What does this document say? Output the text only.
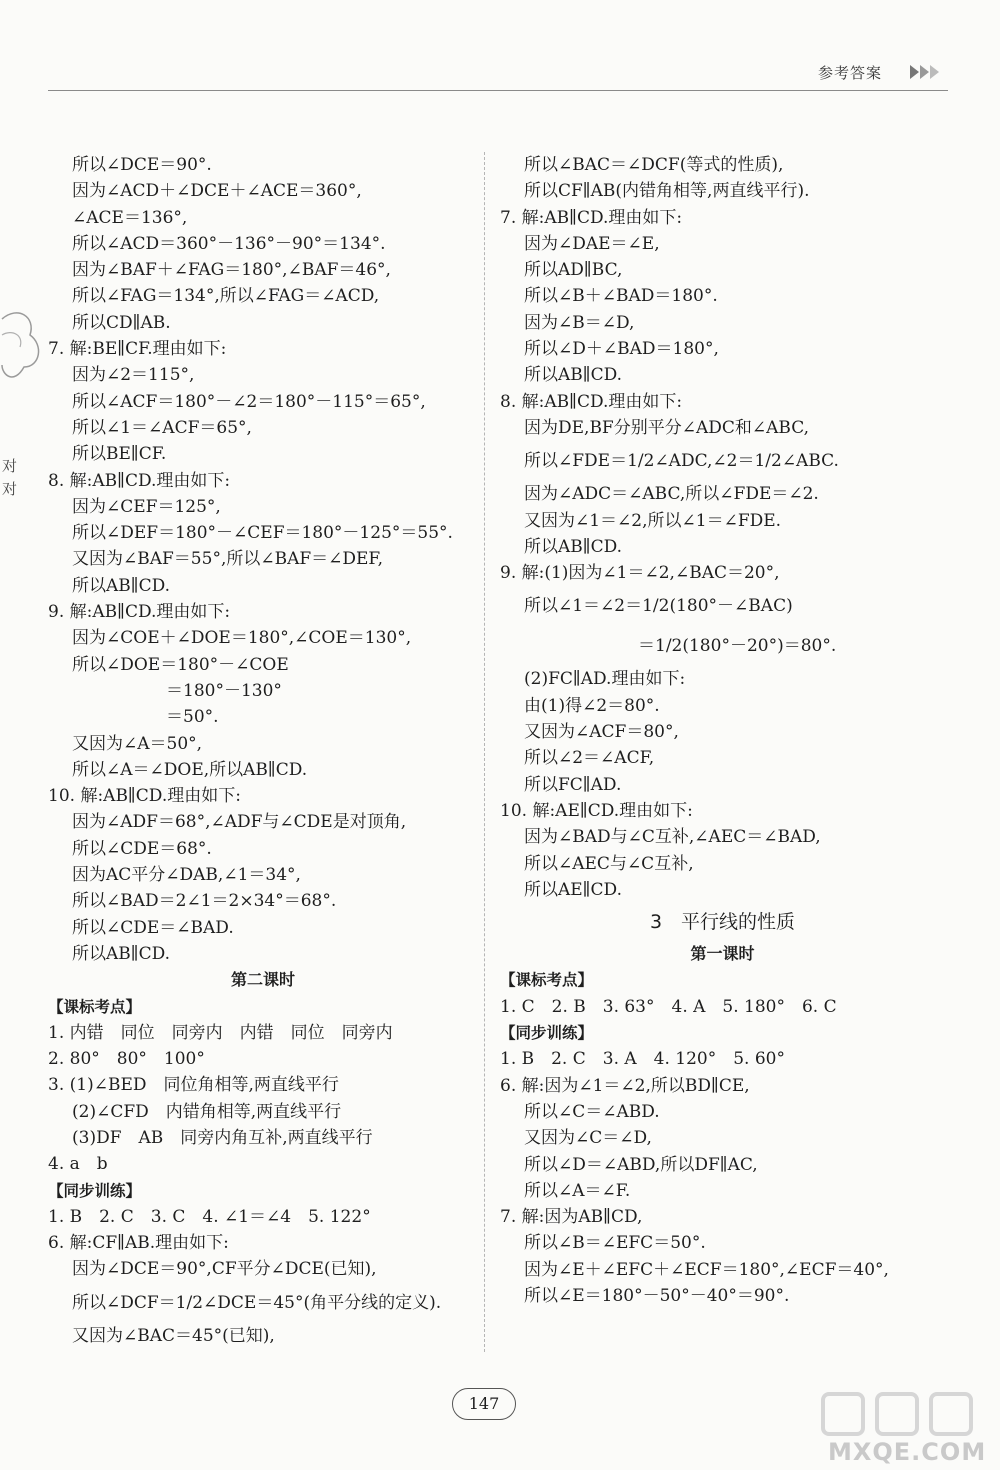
参考答案
对
对
所以∠DCE＝90°.
因为∠ACD＋∠DCE＋∠ACE＝360°,
∠ACE＝136°,
所以∠ACD＝360°－136°－90°＝134°.
因为∠BAF＋∠FAG＝180°,∠BAF＝46°,
所以∠FAG＝134°,所以∠FAG＝∠ACD,
所以CD∥AB.
7. 解:BE∥CF.理由如下:
因为∠2＝115°,
所以∠ACF＝180°－∠2＝180°－115°＝65°,
所以∠1＝∠ACF＝65°,
所以BE∥CF.
8. 解:AB∥CD.理由如下:
因为∠CEF＝125°,
所以∠DEF＝180°－∠CEF＝180°－125°＝55°.
又因为∠BAF＝55°,所以∠BAF＝∠DEF,
所以AB∥CD.
9. 解:AB∥CD.理由如下:
因为∠COE＋∠DOE＝180°,∠COE＝130°,
所以∠DOE＝180°－∠COE
＝180°－130°
＝50°.
又因为∠A＝50°,
所以∠A＝∠DOE,所以AB∥CD.
10. 解:AB∥CD.理由如下:
因为∠ADF＝68°,∠ADF与∠CDE是对顶角,
所以∠CDE＝68°.
因为AC平分∠DAB,∠1＝34°,
所以∠BAD＝2∠1＝2×34°＝68°.
所以∠CDE＝∠BAD.
所以AB∥CD.
第二课时
【课标考点】
1. 内错　同位　同旁内　内错　同位　同旁内
2. 80°　80°　100°
3. (1)∠BED　同位角相等,两直线平行
(2)∠CFD　内错角相等,两直线平行
(3)DF　AB　同旁内角互补,两直线平行
4. a　b
【同步训练】
1. B　2. C　3. C　4. ∠1＝∠4　5. 122°
6. 解:CF∥AB.理由如下:
因为∠DCE＝90°,CF平分∠DCE(已知),
所以∠DCF＝1/2∠DCE＝45°(角平分线的定义).
又因为∠BAC＝45°(已知),
所以∠BAC＝∠DCF(等式的性质),
所以CF∥AB(内错角相等,两直线平行).
7. 解:AB∥CD.理由如下:
因为∠DAE＝∠E,
所以AD∥BC,
所以∠B＋∠BAD＝180°.
因为∠B＝∠D,
所以∠D＋∠BAD＝180°,
所以AB∥CD.
8. 解:AB∥CD.理由如下:
因为DE,BF分别平分∠ADC和∠ABC,
所以∠FDE＝1/2∠ADC,∠2＝1/2∠ABC.
因为∠ADC＝∠ABC,所以∠FDE＝∠2.
又因为∠1＝∠2,所以∠1＝∠FDE.
所以AB∥CD.
9. 解:(1)因为∠1＝∠2,∠BAC＝20°,
所以∠1＝∠2＝1/2(180°－∠BAC)
＝1/2(180°－20°)＝80°.
(2)FC∥AD.理由如下:
由(1)得∠2＝80°.
又因为∠ACF＝80°,
所以∠2＝∠ACF,
所以FC∥AD.
10. 解:AE∥CD.理由如下:
因为∠BAD与∠C互补,∠AEC＝∠BAD,
所以∠AEC与∠C互补,
所以AE∥CD.
3　平行线的性质
第一课时
【课标考点】
1. C　2. B　3. 63°　4. A　5. 180°　6. C
【同步训练】
1. B　2. C　3. A　4. 120°　5. 60°
6. 解:因为∠1＝∠2,所以BD∥CE,
所以∠C＝∠ABD.
又因为∠C＝∠D,
所以∠D＝∠ABD,所以DF∥AC,
所以∠A＝∠F.
7. 解:因为AB∥CD,
所以∠B＝∠EFC＝50°.
因为∠E＋∠EFC＋∠ECF＝180°,∠ECF＝40°,
所以∠E＝180°－50°－40°＝90°.
147
MXQE.COM
